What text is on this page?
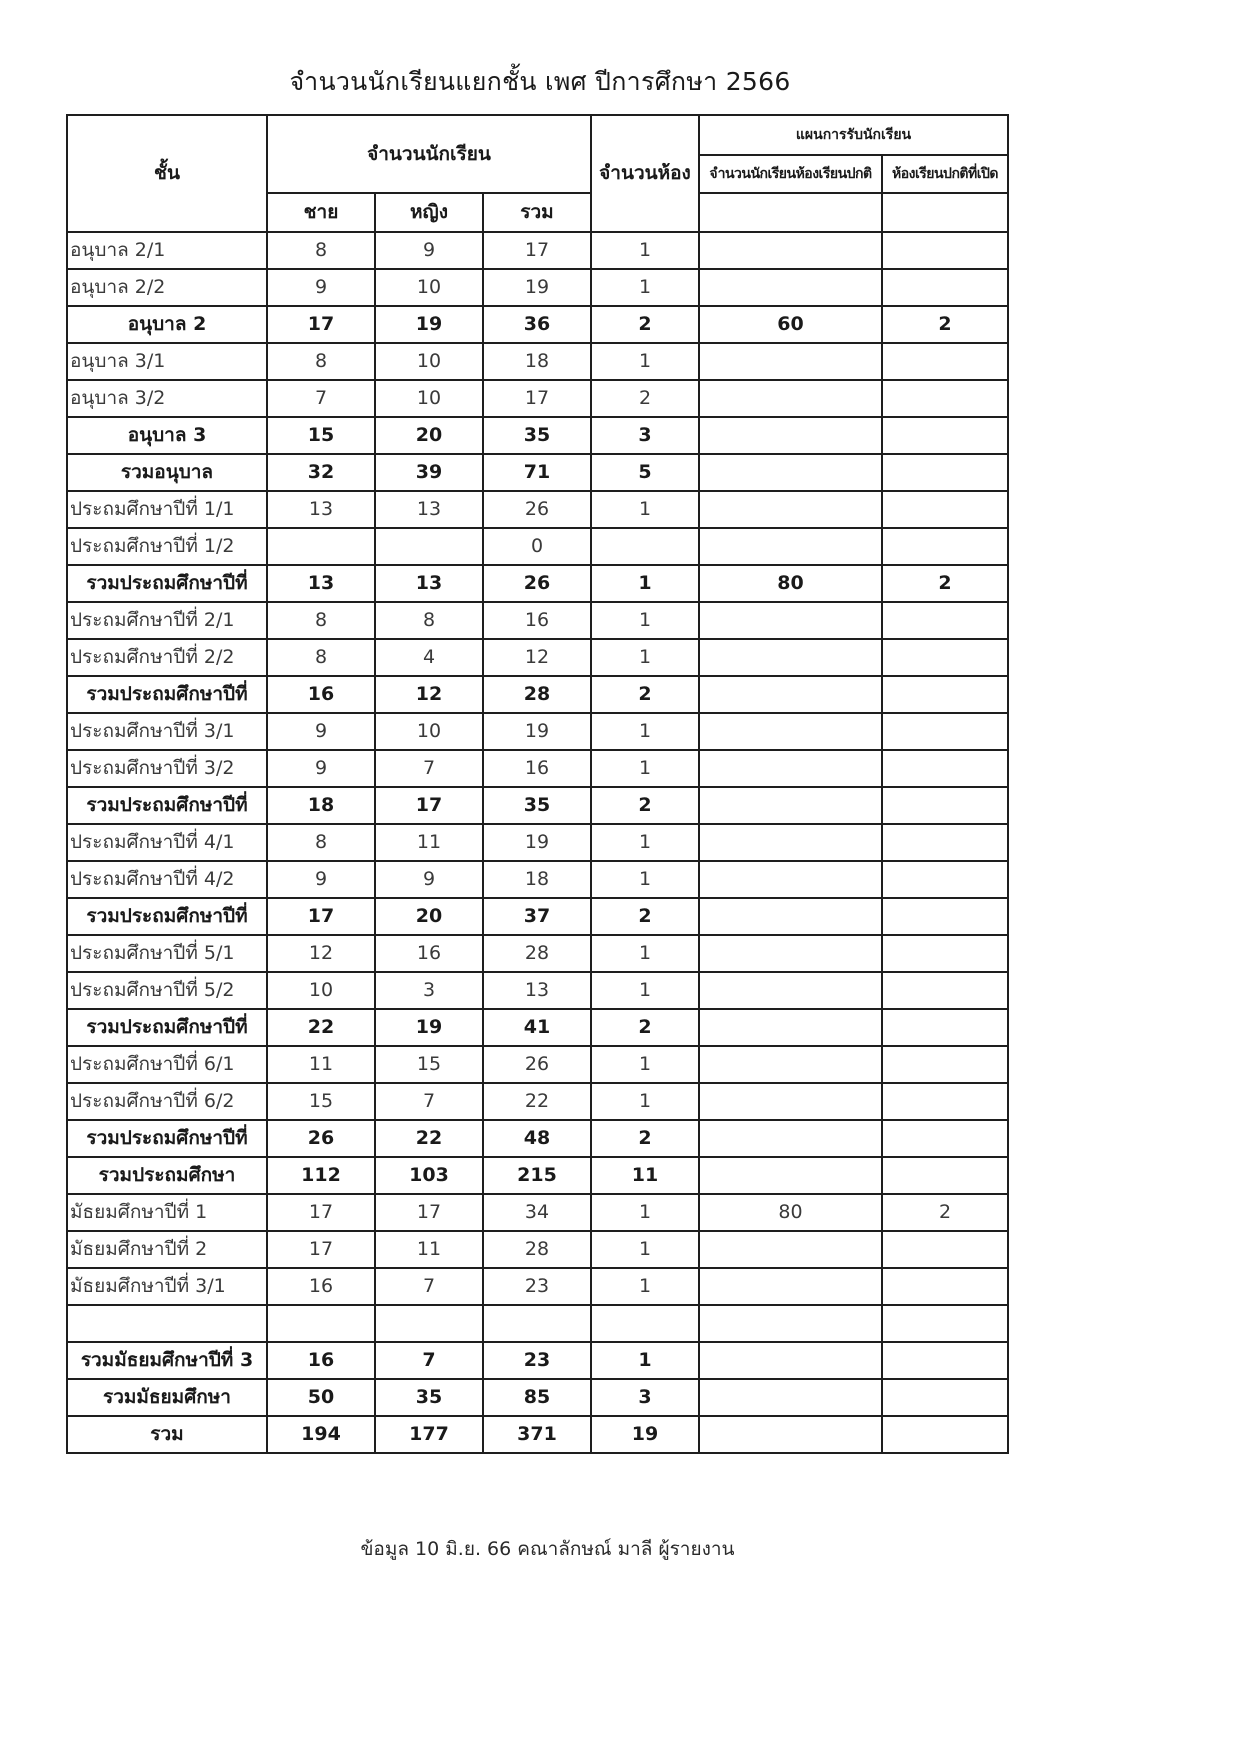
จำนวนนักเรียนแยกชั้น เพศ ปีการศึกษา 2566
ชั้น	จำนวนนักเรียน			จำนวนห้อง	แผนการรับนักเรียน	
					จำนวนนักเรียนห้องเรียนปกติ	ห้องเรียนปกติที่เปิด
	ชาย	หญิง	รวม			
อนุบาล 2/1	8	9	17	1		
อนุบาล 2/2	9	10	19	1		
อนุบาล 2	17	19	36	2	60	2
อนุบาล 3/1	8	10	18	1		
อนุบาล 3/2	7	10	17	2		
อนุบาล 3	15	20	35	3		
รวมอนุบาล	32	39	71	5		
ประถมศึกษาปีที่ 1/1	13	13	26	1		
ประถมศึกษาปีที่ 1/2			0			
รวมประถมศึกษาปีที่	13	13	26	1	80	2
ประถมศึกษาปีที่ 2/1	8	8	16	1		
ประถมศึกษาปีที่ 2/2	8	4	12	1		
รวมประถมศึกษาปีที่	16	12	28	2		
ประถมศึกษาปีที่ 3/1	9	10	19	1		
ประถมศึกษาปีที่ 3/2	9	7	16	1		
รวมประถมศึกษาปีที่	18	17	35	2		
ประถมศึกษาปีที่ 4/1	8	11	19	1		
ประถมศึกษาปีที่ 4/2	9	9	18	1		
รวมประถมศึกษาปีที่	17	20	37	2		
ประถมศึกษาปีที่ 5/1	12	16	28	1		
ประถมศึกษาปีที่ 5/2	10	3	13	1		
รวมประถมศึกษาปีที่	22	19	41	2		
ประถมศึกษาปีที่ 6/1	11	15	26	1		
ประถมศึกษาปีที่ 6/2	15	7	22	1		
รวมประถมศึกษาปีที่	26	22	48	2		
รวมประถมศึกษา	112	103	215	11		
มัธยมศึกษาปีที่ 1	17	17	34	1	80	2
มัธยมศึกษาปีที่ 2	17	11	28	1		
มัธยมศึกษาปีที่ 3/1	16	7	23	1		

รวมมัธยมศึกษาปีที่ 3	16	7	23	1		
รวมมัธยมศึกษา	50	35	85	3		
รวม	194	177	371	19		
ข้อมูล 10 มิ.ย. 66 คณาลักษณ์ มาลี ผู้รายงาน
